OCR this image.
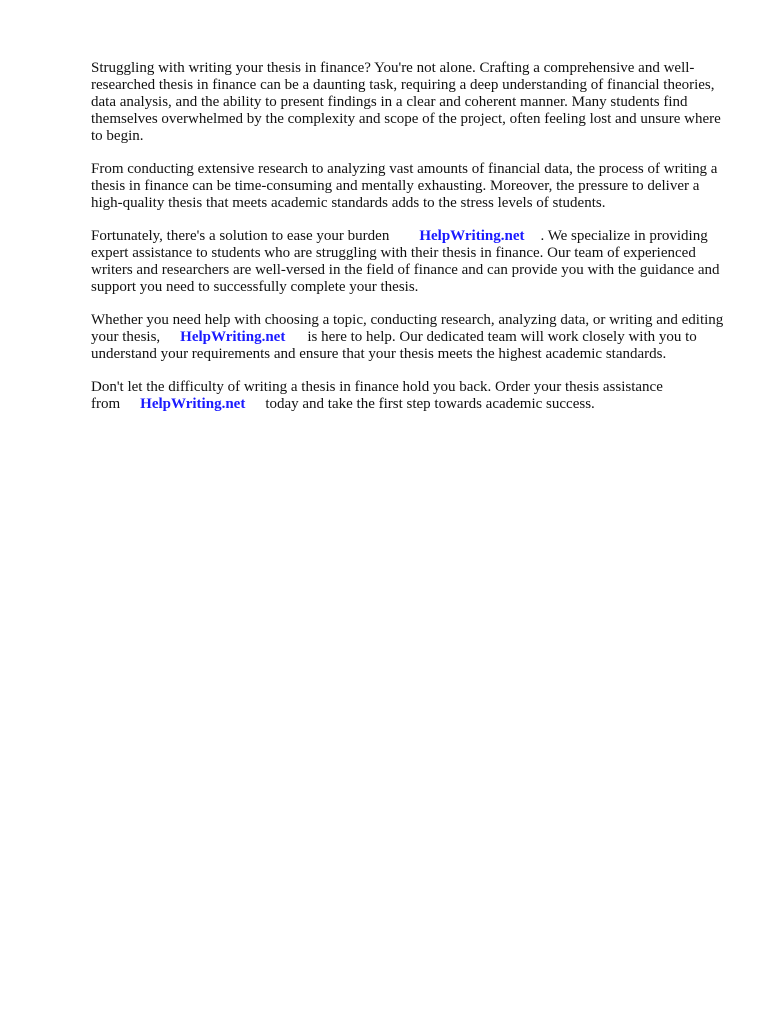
Struggling with writing your thesis in finance? You're not alone. Crafting a comprehensive and well-researched thesis in finance can be a daunting task, requiring a deep understanding of financial theories, data analysis, and the ability to present findings in a clear and coherent manner. Many students find themselves overwhelmed by the complexity and scope of the project, often feeling lost and unsure where to begin.

From conducting extensive research to analyzing vast amounts of financial data, the process of writing a thesis in finance can be time-consuming and mentally exhausting. Moreover, the pressure to deliver a high-quality thesis that meets academic standards adds to the stress levels of students.

Fortunately, there's a solution to ease your burden HelpWriting.net . We specialize in providing expert assistance to students who are struggling with their thesis in finance. Our team of experienced writers and researchers are well-versed in the field of finance and can provide you with the guidance and support you need to successfully complete your thesis.

Whether you need help with choosing a topic, conducting research, analyzing data, or writing and editing your thesis, HelpWriting.net is here to help. Our dedicated team will work closely with you to understand your requirements and ensure that your thesis meets the highest academic standards.

Don't let the difficulty of writing a thesis in finance hold you back. Order your thesis assistance from HelpWriting.net today and take the first step towards academic success.
